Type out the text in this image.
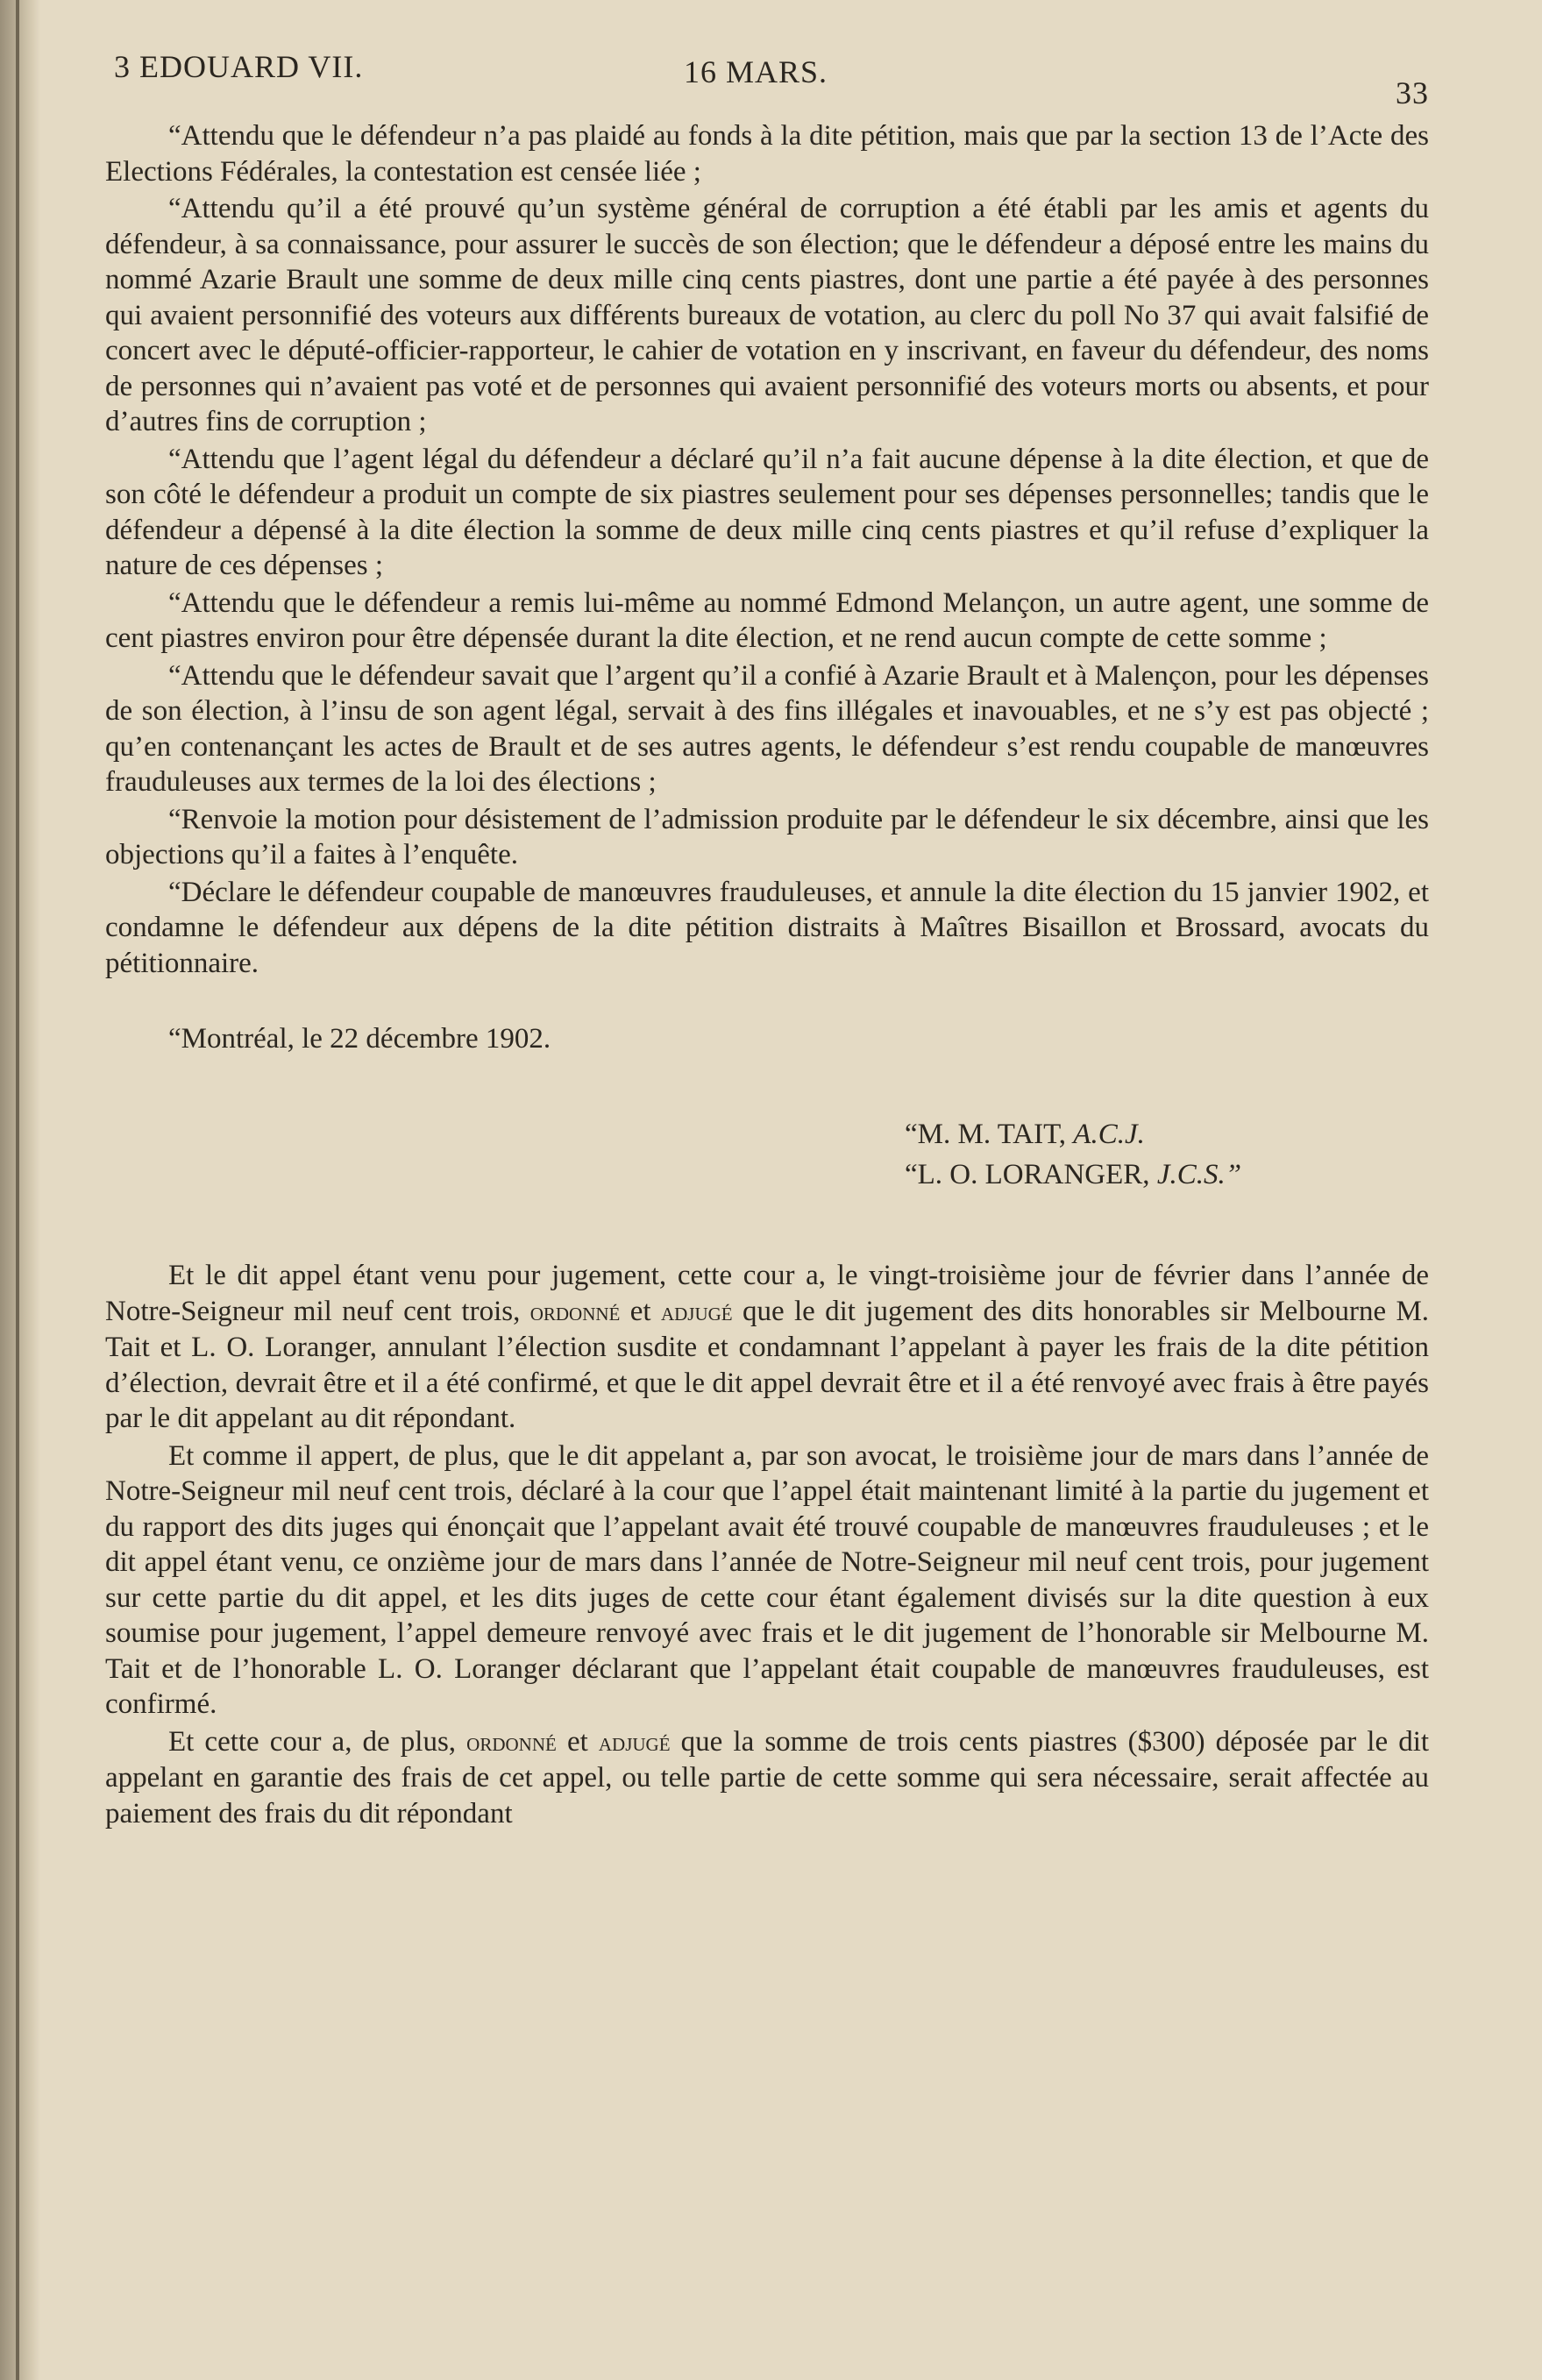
3 EDOUARD VII.	16 MARS.
33

“Attendu que le défendeur n’a pas plaidé au fonds à la dite pétition, mais que par la section 13 de l’Acte des Elections Fédérales, la contestation est censée liée ;

“Attendu qu’il a été prouvé qu’un système général de corruption a été établi par les amis et agents du défendeur, à sa connaissance, pour assurer le succès de son élection; que le défendeur a déposé entre les mains du nommé Azarie Brault une somme de deux mille cinq cents piastres, dont une partie a été payée à des personnes qui avaient personnifié des voteurs aux différents bureaux de votation, au clerc du poll No 37 qui avait falsifié de concert avec le député-officier-rapporteur, le cahier de votation en y inscrivant, en faveur du défendeur, des noms de personnes qui n’avaient pas voté et de personnes qui avaient personnifié des voteurs morts ou absents, et pour d’autres fins de corruption ;

“Attendu que l’agent légal du défendeur a déclaré qu’il n’a fait aucune dépense à la dite élection, et que de son côté le défendeur a produit un compte de six piastres seulement pour ses dépenses personnelles; tandis que le défendeur a dépensé à la dite élection la somme de deux mille cinq cents piastres et qu’il refuse d’expliquer la nature de ces dépenses ;

“Attendu que le défendeur a remis lui-même au nommé Edmond Melançon, un autre agent, une somme de cent piastres environ pour être dépensée durant la dite élection, et ne rend aucun compte de cette somme ;

“Attendu que le défendeur savait que l’argent qu’il a confié à Azarie Brault et à Malençon, pour les dépenses de son élection, à l’insu de son agent légal, servait à des fins illégales et inavouables, et ne s’y est pas objecté ; qu’en contenançant les actes de Brault et de ses autres agents, le défendeur s’est rendu coupable de manœuvres frauduleuses aux termes de la loi des élections ;

“Renvoie la motion pour désistement de l’admission produite par le défendeur le six décembre, ainsi que les objections qu’il a faites à l’enquête.

“Déclare le défendeur coupable de manœuvres frauduleuses, et annule la dite élection du 15 janvier 1902, et condamne le défendeur aux dépens de la dite pétition distraits à Maîtres Bisaillon et Brossard, avocats du pétitionnaire.

“Montréal, le 22 décembre 1902.

“M. M. TAIT, A.C.J.
“L. O. LORANGER, J.C.S.”

Et le dit appel étant venu pour jugement, cette cour a, le vingt-troisième jour de février dans l’année de Notre-Seigneur mil neuf cent trois, ordonné et adjugé que le dit jugement des dits honorables sir Melbourne M. Tait et L. O. Loranger, annulant l’élection susdite et condamnant l’appelant à payer les frais de la dite pétition d’élection, devrait être et il a été confirmé, et que le dit appel devrait être et il a été renvoyé avec frais à être payés par le dit appelant au dit répondant.

Et comme il appert, de plus, que le dit appelant a, par son avocat, le troisième jour de mars dans l’année de Notre-Seigneur mil neuf cent trois, déclaré à la cour que l’appel était maintenant limité à la partie du jugement et du rapport des dits juges qui énonçait que l’appelant avait été trouvé coupable de manœuvres frauduleuses ; et le dit appel étant venu, ce onzième jour de mars dans l’année de Notre-Seigneur mil neuf cent trois, pour jugement sur cette partie du dit appel, et les dits juges de cette cour étant également divisés sur la dite question à eux soumise pour jugement, l’appel demeure renvoyé avec frais et le dit jugement de l’honorable sir Melbourne M. Tait et de l’honorable L. O. Loranger déclarant que l’appelant était coupable de manœuvres frauduleuses, est confirmé.

Et cette cour a, de plus, ordonné et adjugé que la somme de trois cents piastres ($300) déposée par le dit appelant en garantie des frais de cet appel, ou telle partie de cette somme qui sera nécessaire, serait affectée au paiement des frais du dit répondant
